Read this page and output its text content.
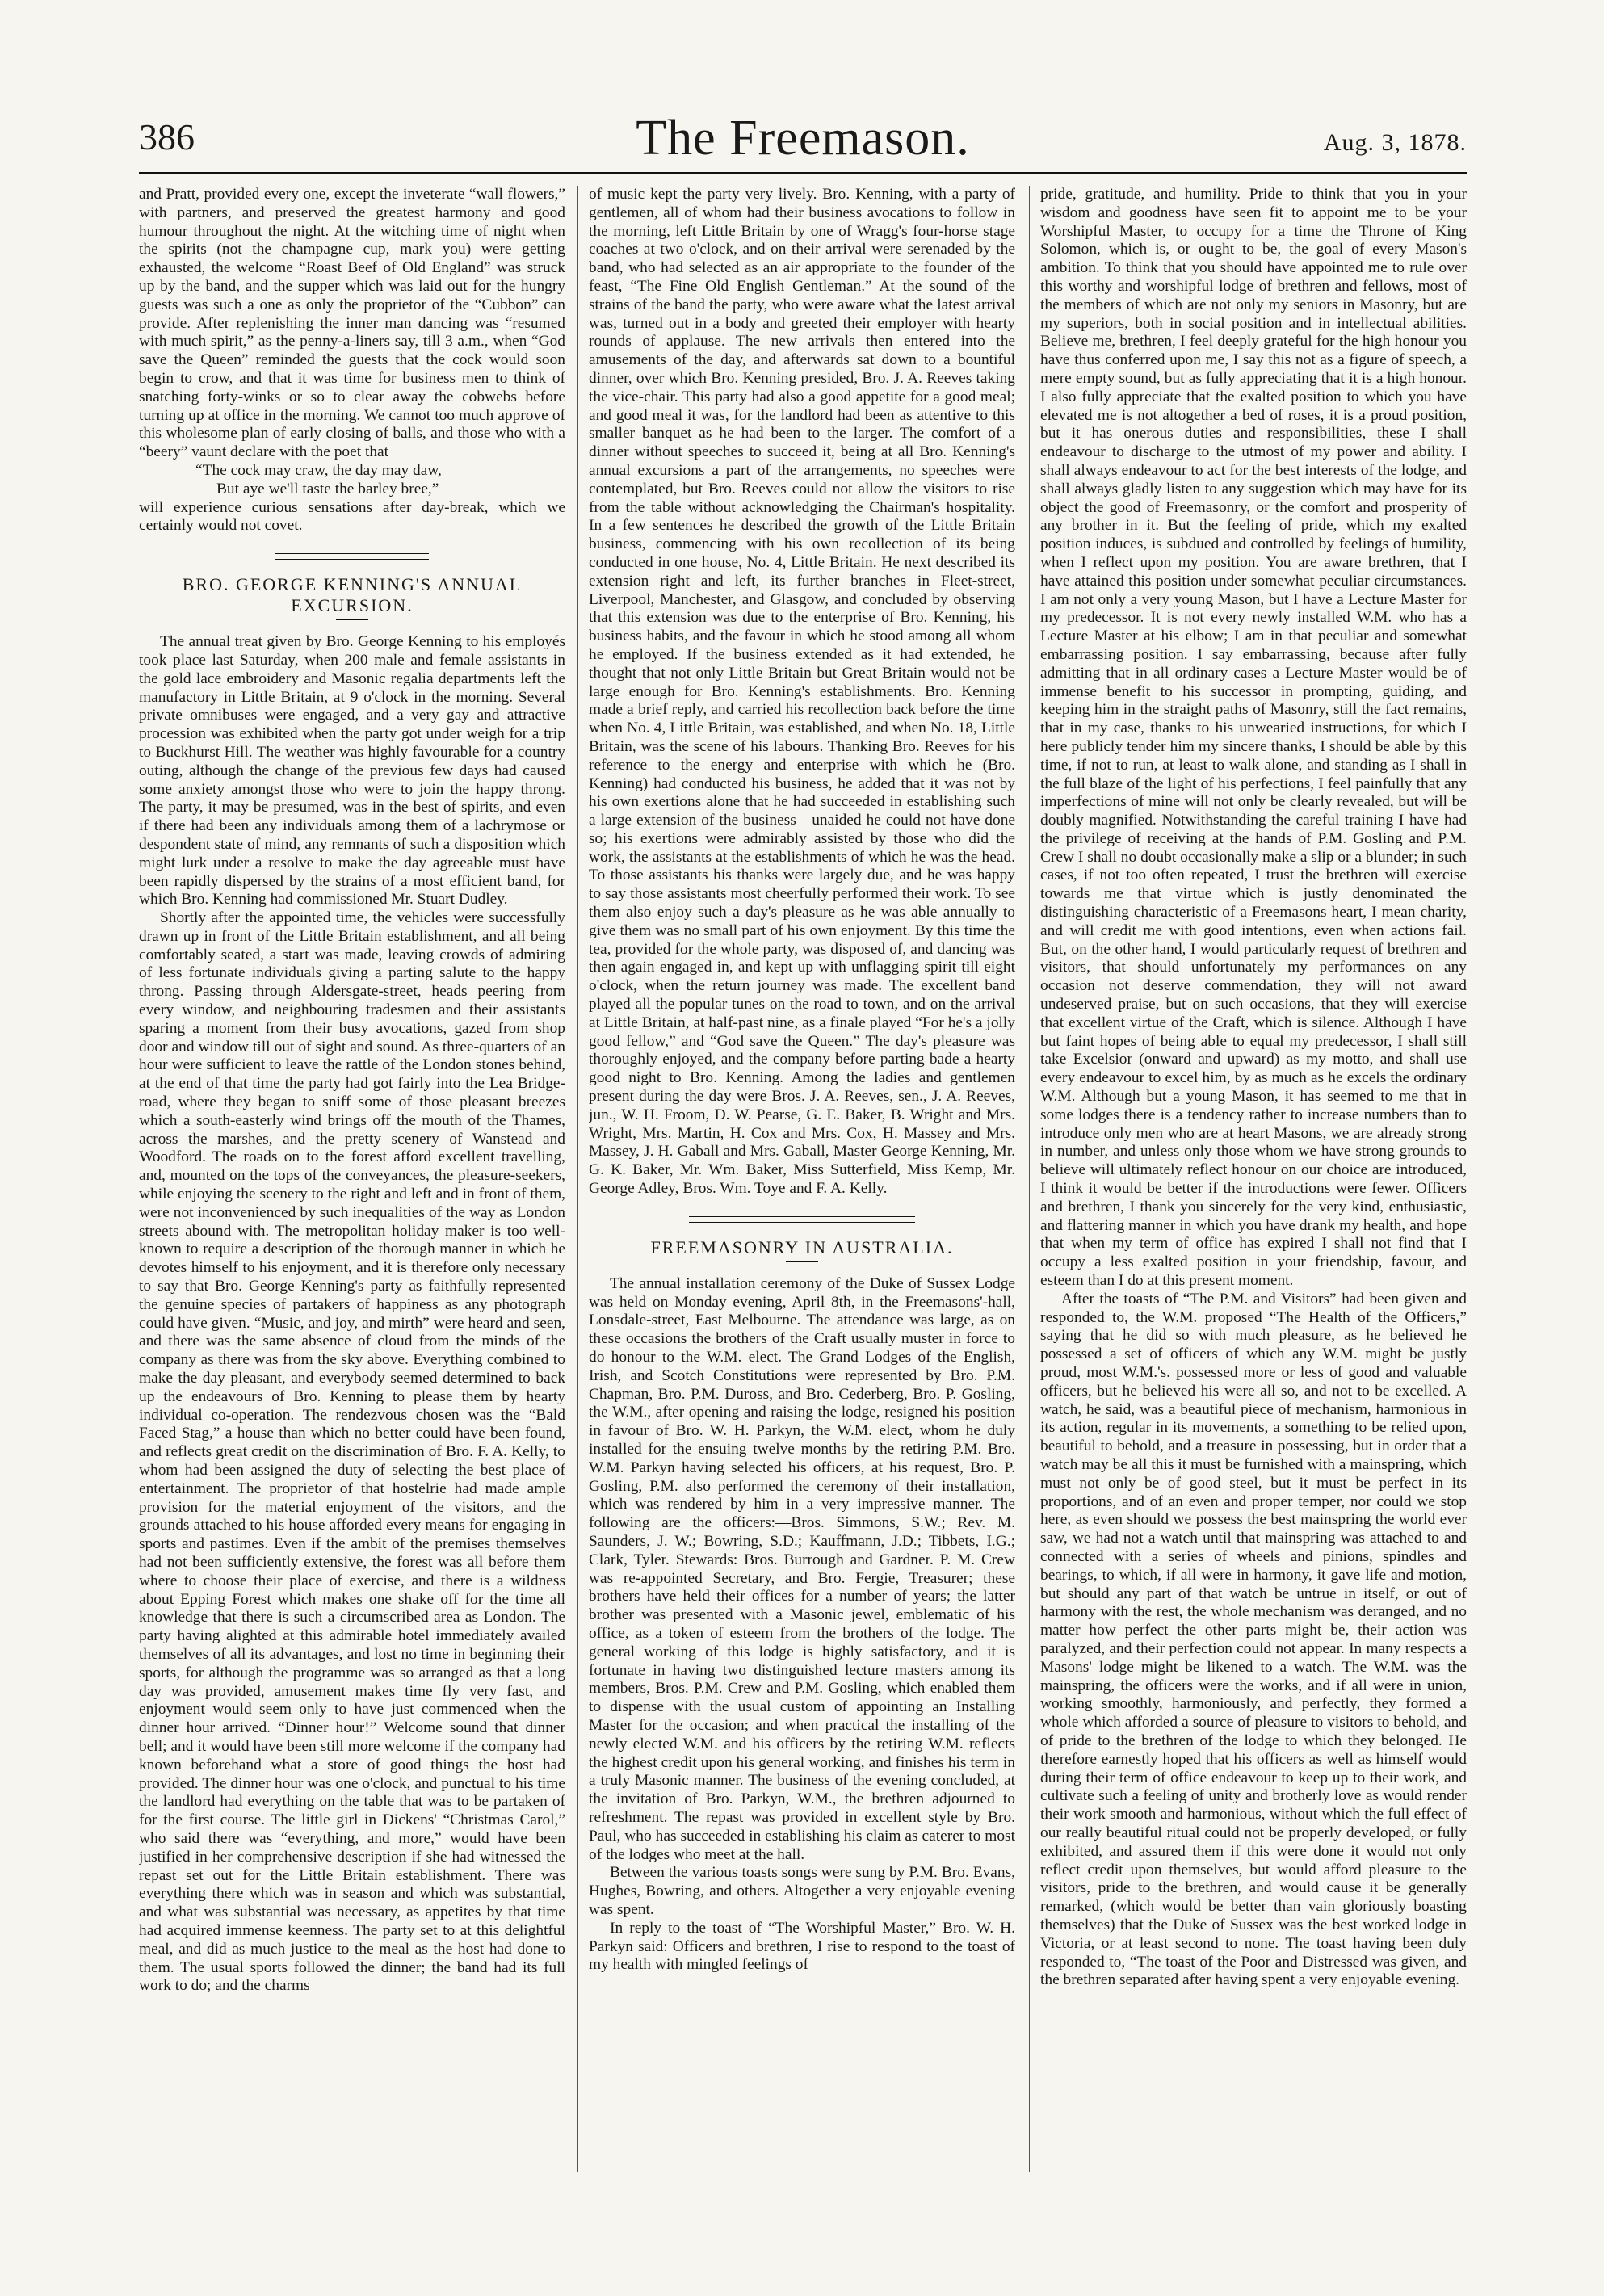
386	The Freemason.	Aug. 3, 1878.

and Pratt, provided every one, except the inveterate “wall flowers,” with partners, and preserved the greatest harmony and good humour throughout the night. At the witching time of night when the spirits (not the champagne cup, mark you) were getting exhausted, the welcome “Roast Beef of Old England” was struck up by the band, and the supper which was laid out for the hungry guests was such a one as only the proprietor of the “Cubbon” can provide. After replenishing the inner man dancing was “resumed with much spirit,” as the penny-a-liners say, till 3 a.m., when “God save the Queen” reminded the guests that the cock would soon begin to crow, and that it was time for business men to think of snatching forty-winks or so to clear away the cobwebs before turning up at office in the morning. We cannot too much approve of this wholesome plan of early closing of balls, and those who with a “beery” vaunt declare with the poet that

“The cock may craw, the day may daw,

But aye we'll taste the barley bree,”

will experience curious sensations after day-break, which we certainly would not covet.

BRO. GEORGE KENNING'S ANNUAL EXCURSION.

The annual treat given by Bro. George Kenning to his employés took place last Saturday, when 200 male and female assistants in the gold lace embroidery and Masonic regalia departments left the manufactory in Little Britain, at 9 o'clock in the morning. Several private omnibuses were engaged, and a very gay and attractive procession was exhibited when the party got under weigh for a trip to Buckhurst Hill. The weather was highly favourable for a country outing, although the change of the previous few days had caused some anxiety amongst those who were to join the happy throng. The party, it may be presumed, was in the best of spirits, and even if there had been any individuals among them of a lachrymose or despondent state of mind, any remnants of such a disposition which might lurk under a resolve to make the day agreeable must have been rapidly dispersed by the strains of a most efficient band, for which Bro. Kenning had commissioned Mr. Stuart Dudley.

Shortly after the appointed time, the vehicles were successfully drawn up in front of the Little Britain establishment, and all being comfortably seated, a start was made, leaving crowds of admiring of less fortunate individuals giving a parting salute to the happy throng. Passing through Aldersgate-street, heads peering from every window, and neighbouring tradesmen and their assistants sparing a moment from their busy avocations, gazed from shop door and window till out of sight and sound. As three-quarters of an hour were sufficient to leave the rattle of the London stones behind, at the end of that time the party had got fairly into the Lea Bridge-road, where they began to sniff some of those pleasant breezes which a south-easterly wind brings off the mouth of the Thames, across the marshes, and the pretty scenery of Wanstead and Woodford. The roads on to the forest afford excellent travelling, and, mounted on the tops of the conveyances, the pleasure-seekers, while enjoying the scenery to the right and left and in front of them, were not inconvenienced by such inequalities of the way as London streets abound with. The metropolitan holiday maker is too well-known to require a description of the thorough manner in which he devotes himself to his enjoyment, and it is therefore only necessary to say that Bro. George Kenning's party as faithfully represented the genuine species of partakers of happiness as any photograph could have given. “Music, and joy, and mirth” were heard and seen, and there was the same absence of cloud from the minds of the company as there was from the sky above. Everything combined to make the day pleasant, and everybody seemed determined to back up the endeavours of Bro. Kenning to please them by hearty individual co-operation. The rendezvous chosen was the “Bald Faced Stag,” a house than which no better could have been found, and reflects great credit on the discrimination of Bro. F. A. Kelly, to whom had been assigned the duty of selecting the best place of entertainment. The proprietor of that hostelrie had made ample provision for the material enjoyment of the visitors, and the grounds attached to his house afforded every means for engaging in sports and pastimes. Even if the ambit of the premises themselves had not been sufficiently extensive, the forest was all before them where to choose their place of exercise, and there is a wildness about Epping Forest which makes one shake off for the time all knowledge that there is such a circumscribed area as London. The party having alighted at this admirable hotel immediately availed themselves of all its advantages, and lost no time in beginning their sports, for although the programme was so arranged as that a long day was provided, amusement makes time fly very fast, and enjoyment would seem only to have just commenced when the dinner hour arrived. “Dinner hour!” Welcome sound that dinner bell; and it would have been still more welcome if the company had known beforehand what a store of good things the host had provided. The dinner hour was one o'clock, and punctual to his time the landlord had everything on the table that was to be partaken of for the first course. The little girl in Dickens' “Christmas Carol,” who said there was “everything, and more,” would have been justified in her comprehensive description if she had witnessed the repast set out for the Little Britain establishment. There was everything there which was in season and which was substantial, and what was substantial was necessary, as appetites by that time had acquired immense keenness. The party set to at this delightful meal, and did as much justice to the meal as the host had done to them. The usual sports followed the dinner; the band had its full work to do; and the charms

of music kept the party very lively. Bro. Kenning, with a party of gentlemen, all of whom had their business avocations to follow in the morning, left Little Britain by one of Wragg's four-horse stage coaches at two o'clock, and on their arrival were serenaded by the band, who had selected as an air appropriate to the founder of the feast, “The Fine Old English Gentleman.” At the sound of the strains of the band the party, who were aware what the latest arrival was, turned out in a body and greeted their employer with hearty rounds of applause. The new arrivals then entered into the amusements of the day, and afterwards sat down to a bountiful dinner, over which Bro. Kenning presided, Bro. J. A. Reeves taking the vice-chair. This party had also a good appetite for a good meal; and good meal it was, for the landlord had been as attentive to this smaller banquet as he had been to the larger. The comfort of a dinner without speeches to succeed it, being at all Bro. Kenning's annual excursions a part of the arrangements, no speeches were contemplated, but Bro. Reeves could not allow the visitors to rise from the table without acknowledging the Chairman's hospitality. In a few sentences he described the growth of the Little Britain business, commencing with his own recollection of its being conducted in one house, No. 4, Little Britain. He next described its extension right and left, its further branches in Fleet-street, Liverpool, Manchester, and Glasgow, and concluded by observing that this extension was due to the enterprise of Bro. Kenning, his business habits, and the favour in which he stood among all whom he employed. If the business extended as it had extended, he thought that not only Little Britain but Great Britain would not be large enough for Bro. Kenning's establishments. Bro. Kenning made a brief reply, and carried his recollection back before the time when No. 4, Little Britain, was established, and when No. 18, Little Britain, was the scene of his labours. Thanking Bro. Reeves for his reference to the energy and enterprise with which he (Bro. Kenning) had conducted his business, he added that it was not by his own exertions alone that he had succeeded in establishing such a large extension of the business—unaided he could not have done so; his exertions were admirably assisted by those who did the work, the assistants at the establishments of which he was the head. To those assistants his thanks were largely due, and he was happy to say those assistants most cheerfully performed their work. To see them also enjoy such a day's pleasure as he was able annually to give them was no small part of his own enjoyment. By this time the tea, provided for the whole party, was disposed of, and dancing was then again engaged in, and kept up with unflagging spirit till eight o'clock, when the return journey was made. The excellent band played all the popular tunes on the road to town, and on the arrival at Little Britain, at half-past nine, as a finale played “For he's a jolly good fellow,” and “God save the Queen.” The day's pleasure was thoroughly enjoyed, and the company before parting bade a hearty good night to Bro. Kenning. Among the ladies and gentlemen present during the day were Bros. J. A. Reeves, sen., J. A. Reeves, jun., W. H. Froom, D. W. Pearse, G. E. Baker, B. Wright and Mrs. Wright, Mrs. Martin, H. Cox and Mrs. Cox, H. Massey and Mrs. Massey, J. H. Gaball and Mrs. Gaball, Master George Kenning, Mr. G. K. Baker, Mr. Wm. Baker, Miss Sutterfield, Miss Kemp, Mr. George Adley, Bros. Wm. Toye and F. A. Kelly.

FREEMASONRY IN AUSTRALIA.

The annual installation ceremony of the Duke of Sussex Lodge was held on Monday evening, April 8th, in the Freemasons'-hall, Lonsdale-street, East Melbourne. The attendance was large, as on these occasions the brothers of the Craft usually muster in force to do honour to the W.M. elect. The Grand Lodges of the English, Irish, and Scotch Constitutions were represented by Bro. P.M. Chapman, Bro. P.M. Duross, and Bro. Cederberg, Bro. P. Gosling, the W.M., after opening and raising the lodge, resigned his position in favour of Bro. W. H. Parkyn, the W.M. elect, whom he duly installed for the ensuing twelve months by the retiring P.M. Bro. W.M. Parkyn having selected his officers, at his request, Bro. P. Gosling, P.M. also performed the ceremony of their installation, which was rendered by him in a very impressive manner. The following are the officers:—Bros. Simmons, S.W.; Rev. M. Saunders, J. W.; Bowring, S.D.; Kauffmann, J.D.; Tibbets, I.G.; Clark, Tyler. Stewards: Bros. Burrough and Gardner. P. M. Crew was re-appointed Secretary, and Bro. Fergie, Treasurer; these brothers have held their offices for a number of years; the latter brother was presented with a Masonic jewel, emblematic of his office, as a token of esteem from the brothers of the lodge. The general working of this lodge is highly satisfactory, and it is fortunate in having two distinguished lecture masters among its members, Bros. P.M. Crew and P.M. Gosling, which enabled them to dispense with the usual custom of appointing an Installing Master for the occasion; and when practical the installing of the newly elected W.M. and his officers by the retiring W.M. reflects the highest credit upon his general working, and finishes his term in a truly Masonic manner. The business of the evening concluded, at the invitation of Bro. Parkyn, W.M., the brethren adjourned to refreshment. The repast was provided in excellent style by Bro. Paul, who has succeeded in establishing his claim as caterer to most of the lodges who meet at the hall.

Between the various toasts songs were sung by P.M. Bro. Evans, Hughes, Bowring, and others. Altogether a very enjoyable evening was spent.

In reply to the toast of “The Worshipful Master,” Bro. W. H. Parkyn said: Officers and brethren, I rise to respond to the toast of my health with mingled feelings of

pride, gratitude, and humility. Pride to think that you in your wisdom and goodness have seen fit to appoint me to be your Worshipful Master, to occupy for a time the Throne of King Solomon, which is, or ought to be, the goal of every Mason's ambition. To think that you should have appointed me to rule over this worthy and worshipful lodge of brethren and fellows, most of the members of which are not only my seniors in Masonry, but are my superiors, both in social position and in intellectual abilities. Believe me, brethren, I feel deeply grateful for the high honour you have thus conferred upon me, I say this not as a figure of speech, a mere empty sound, but as fully appreciating that it is a high honour. I also fully appreciate that the exalted position to which you have elevated me is not altogether a bed of roses, it is a proud position, but it has onerous duties and responsibilities, these I shall endeavour to discharge to the utmost of my power and ability. I shall always endeavour to act for the best interests of the lodge, and shall always gladly listen to any suggestion which may have for its object the good of Freemasonry, or the comfort and prosperity of any brother in it. But the feeling of pride, which my exalted position induces, is subdued and controlled by feelings of humility, when I reflect upon my position. You are aware brethren, that I have attained this position under somewhat peculiar circumstances. I am not only a very young Mason, but I have a Lecture Master for my predecessor. It is not every newly installed W.M. who has a Lecture Master at his elbow; I am in that peculiar and somewhat embarrassing position. I say embarrassing, because after fully admitting that in all ordinary cases a Lecture Master would be of immense benefit to his successor in prompting, guiding, and keeping him in the straight paths of Masonry, still the fact remains, that in my case, thanks to his unwearied instructions, for which I here publicly tender him my sincere thanks, I should be able by this time, if not to run, at least to walk alone, and standing as I shall in the full blaze of the light of his perfections, I feel painfully that any imperfections of mine will not only be clearly revealed, but will be doubly magnified. Notwithstanding the careful training I have had the privilege of receiving at the hands of P.M. Gosling and P.M. Crew I shall no doubt occasionally make a slip or a blunder; in such cases, if not too often repeated, I trust the brethren will exercise towards me that virtue which is justly denominated the distinguishing characteristic of a Freemasons heart, I mean charity, and will credit me with good intentions, even when actions fail. But, on the other hand, I would particularly request of brethren and visitors, that should unfortunately my performances on any occasion not deserve commendation, they will not award undeserved praise, but on such occasions, that they will exercise that excellent virtue of the Craft, which is silence. Although I have but faint hopes of being able to equal my predecessor, I shall still take Excelsior (onward and upward) as my motto, and shall use every endeavour to excel him, by as much as he excels the ordinary W.M. Although but a young Mason, it has seemed to me that in some lodges there is a tendency rather to increase numbers than to introduce only men who are at heart Masons, we are already strong in number, and unless only those whom we have strong grounds to believe will ultimately reflect honour on our choice are introduced, I think it would be better if the introductions were fewer. Officers and brethren, I thank you sincerely for the very kind, enthusiastic, and flattering manner in which you have drank my health, and hope that when my term of office has expired I shall not find that I occupy a less exalted position in your friendship, favour, and esteem than I do at this present moment.

After the toasts of “The P.M. and Visitors” had been given and responded to, the W.M. proposed “The Health of the Officers,” saying that he did so with much pleasure, as he believed he possessed a set of officers of which any W.M. might be justly proud, most W.M.'s. possessed more or less of good and valuable officers, but he believed his were all so, and not to be excelled. A watch, he said, was a beautiful piece of mechanism, harmonious in its action, regular in its movements, a something to be relied upon, beautiful to behold, and a treasure in possessing, but in order that a watch may be all this it must be furnished with a mainspring, which must not only be of good steel, but it must be perfect in its proportions, and of an even and proper temper, nor could we stop here, as even should we possess the best mainspring the world ever saw, we had not a watch until that mainspring was attached to and connected with a series of wheels and pinions, spindles and bearings, to which, if all were in harmony, it gave life and motion, but should any part of that watch be untrue in itself, or out of harmony with the rest, the whole mechanism was deranged, and no matter how perfect the other parts might be, their action was paralyzed, and their perfection could not appear. In many respects a Masons' lodge might be likened to a watch. The W.M. was the mainspring, the officers were the works, and if all were in union, working smoothly, harmoniously, and perfectly, they formed a whole which afforded a source of pleasure to visitors to behold, and of pride to the brethren of the lodge to which they belonged. He therefore earnestly hoped that his officers as well as himself would during their term of office endeavour to keep up to their work, and cultivate such a feeling of unity and brotherly love as would render their work smooth and harmonious, without which the full effect of our really beautiful ritual could not be properly developed, or fully exhibited, and assured them if this were done it would not only reflect credit upon themselves, but would afford pleasure to the visitors, pride to the brethren, and would cause it be generally remarked, (which would be better than vain gloriously boasting themselves) that the Duke of Sussex was the best worked lodge in Victoria, or at least second to none. The toast having been duly responded to, “The toast of the Poor and Distressed was given, and the brethren separated after having spent a very enjoyable evening.
